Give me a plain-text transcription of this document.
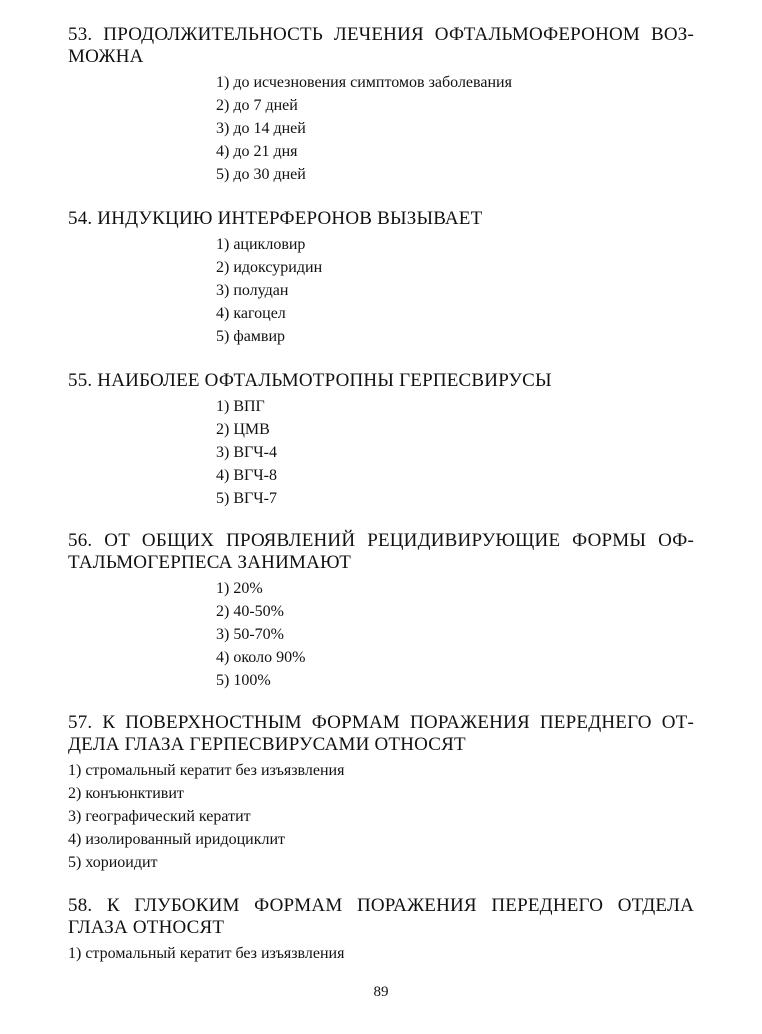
53. ПРОДОЛЖИТЕЛЬНОСТЬ ЛЕЧЕНИЯ ОФТАЛЬМОФЕРОНОМ ВОЗ-МОЖНА

1) до исчезновения симптомов заболевания
2) до 7 дней
3) до 14 дней
4) до 21 дня
5) до 30 дней

54. ИНДУКЦИЮ ИНТЕРФЕРОНОВ ВЫЗЫВАЕТ

1) ацикловир
2) идоксуридин
3) полудан
4) кагоцел
5) фамвир

55. НАИБОЛЕЕ ОФТАЛЬМОТРОПНЫ ГЕРПЕСВИРУСЫ

1) ВПГ
2) ЦМВ
3) ВГЧ-4
4) ВГЧ-8
5) ВГЧ-7

56. ОТ ОБЩИХ ПРОЯВЛЕНИЙ РЕЦИДИВИРУЮЩИЕ ФОРМЫ ОФ-ТАЛЬМОГЕРПЕСА ЗАНИМАЮТ

1) 20%
2) 40-50%
3) 50-70%
4) около 90%
5) 100%

57. К ПОВЕРХНОСТНЫМ ФОРМАМ ПОРАЖЕНИЯ ПЕРЕДНЕГО ОТ-ДЕЛА ГЛАЗА ГЕРПЕСВИРУСАМИ ОТНОСЯТ

1) стромальный кератит без изъязвления
2) конъюнктивит
3) географический кератит
4) изолированный иридоциклит
5) хориоидит

58. К ГЛУБОКИМ ФОРМАМ ПОРАЖЕНИЯ ПЕРЕДНЕГО ОТДЕЛА ГЛАЗА ОТНОСЯТ

1) стромальный кератит без изъязвления
89
